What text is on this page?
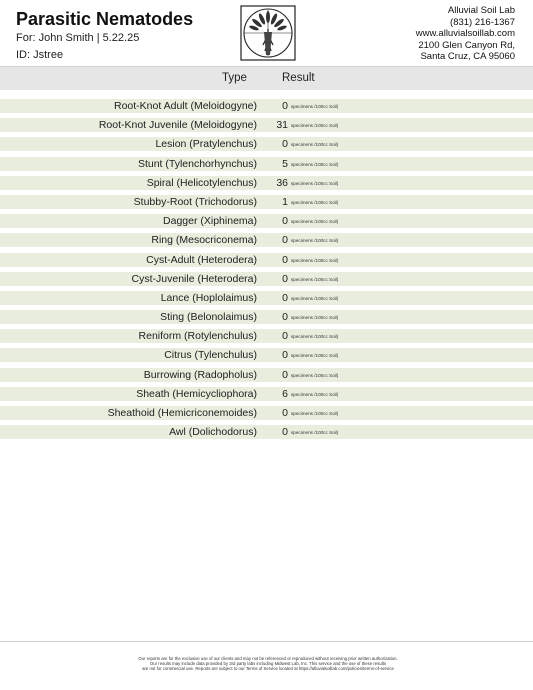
Parasitic Nematodes
For: John Smith | 5.22.25
ID: Jstree
Alluvial Soil Lab
(831) 216-1367
www.alluvialsoillab.com
2100 Glen Canyon Rd,
Santa Cruz, CA 95060
Type	Result
Root-Knot Adult (Meloidogyne)	0 specimens /100cc Soil)
Root-Knot Juvenile (Meloidogyne)	31 specimens /100cc Soil)
Lesion (Pratylenchus)	0 specimens /100cc Soil)
Stunt (Tylenchorhynchus)	5 specimens /100cc Soil)
Spiral (Helicotylenchus)	36 specimens /100cc Soil)
Stubby-Root (Trichodorus)	1 specimens /100cc Soil)
Dagger (Xiphinema)	0 specimens /100cc Soil)
Ring (Mesocriconema)	0 specimens /100cc Soil)
Cyst-Adult (Heterodera)	0 specimens /100cc Soil)
Cyst-Juvenile (Heterodera)	0 specimens /100cc Soil)
Lance (Hoplolaimus)	0 specimens /100cc Soil)
Sting (Belonolaimus)	0 specimens /100cc Soil)
Reniform (Rotylenchulus)	0 specimens /100cc Soil)
Citrus (Tylenchulus)	0 specimens /100cc Soil)
Burrowing (Radopholus)	0 specimens /100cc Soil)
Sheath (Hemicycliophora)	6 specimens /100cc Soil)
Sheathoid (Hemicriconemoides)	0 specimens /100cc Soil)
Awl (Dolichodorus)	0 specimens /100cc Soil)
Our reports are for the exclusive use of our clients and may not be referenced or reproduced without receiving prior written authorization.
Our results may include data provided by 3rd party labs including Midwest Lab, Inc. This service and the use of these results
are not for commercial use. Reports are subject to our Terms of Service located at https://alluvialsoillab.com/policies/terms-of-service
